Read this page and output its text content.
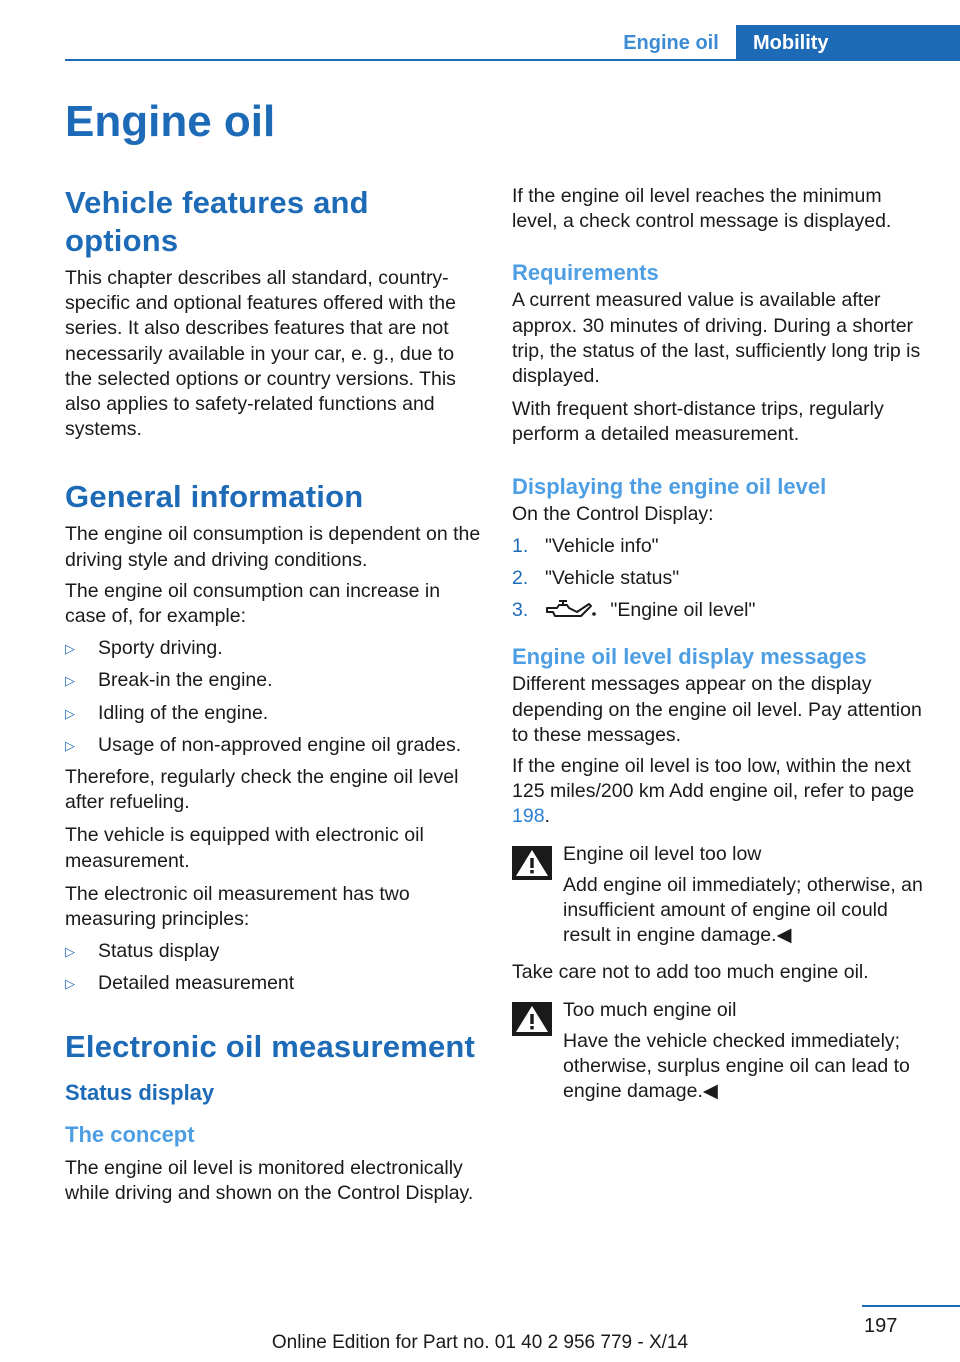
Engine oil	Mobility
Engine oil
Vehicle features and options

This chapter describes all standard, country-specific and optional features offered with the series. It also describes features that are not necessarily available in your car, e. g., due to the selected options or country versions. This also applies to safety-related functions and systems.

General information

The engine oil consumption is dependent on the driving style and driving conditions.

The engine oil consumption can increase in case of, for example:

▷ Sporty driving.
▷ Break-in the engine.
▷ Idling of the engine.
▷ Usage of non-approved engine oil grades.

Therefore, regularly check the engine oil level after refueling.

The vehicle is equipped with electronic oil measurement.

The electronic oil measurement has two measuring principles:

▷ Status display
▷ Detailed measurement
Electronic oil measurement
Status display
The concept

The engine oil level is monitored electronically while driving and shown on the Control Display.

If the engine oil level reaches the minimum level, a check control message is displayed.

Requirements

A current measured value is available after approx. 30 minutes of driving. During a shorter trip, the status of the last, sufficiently long trip is displayed.

With frequent short-distance trips, regularly perform a detailed measurement.

Displaying the engine oil level

On the Control Display:

1. "Vehicle info"
2. "Vehicle status"
3.	"Engine oil level"
Engine oil level display messages

Different messages appear on the display depending on the engine oil level. Pay attention to these messages.

If the engine oil level is too low, within the next 125 miles/200 km Add engine oil, refer to page 198.

Engine oil level too low

Add engine oil immediately; otherwise, an insufficient amount of engine oil could result in engine damage.◀

Take care not to add too much engine oil.

Too much engine oil

Have the vehicle checked immediately; otherwise, surplus engine oil can lead to engine damage.◀

197
Online Edition for Part no. 01 40 2 956 779 - X/14
